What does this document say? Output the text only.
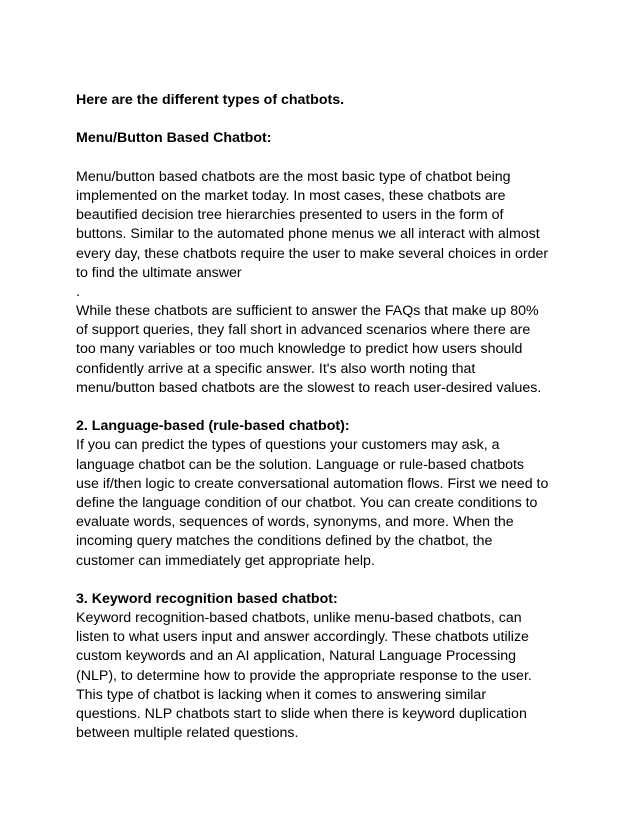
Here are the different types of chatbots.
Menu/Button Based Chatbot:
Menu/button based chatbots are the most basic type of chatbot being
implemented on the market today. In most cases, these chatbots are
beautified decision tree hierarchies presented to users in the form of
buttons. Similar to the automated phone menus we all interact with almost
every day, these chatbots require the user to make several choices in order
to find the ultimate answer
.
While these chatbots are sufficient to answer the FAQs that make up 80%
of support queries, they fall short in advanced scenarios where there are
too many variables or too much knowledge to predict how users should
confidently arrive at a specific answer. It's also worth noting that
menu/button based chatbots are the slowest to reach user-desired values.
2. Language-based (rule-based chatbot):
If you can predict the types of questions your customers may ask, a
language chatbot can be the solution. Language or rule-based chatbots
use if/then logic to create conversational automation flows. First we need to
define the language condition of our chatbot. You can create conditions to
evaluate words, sequences of words, synonyms, and more. When the
incoming query matches the conditions defined by the chatbot, the
customer can immediately get appropriate help.
3. Keyword recognition based chatbot:
Keyword recognition-based chatbots, unlike menu-based chatbots, can
listen to what users input and answer accordingly. These chatbots utilize
custom keywords and an AI application, Natural Language Processing
(NLP), to determine how to provide the appropriate response to the user.
This type of chatbot is lacking when it comes to answering similar
questions. NLP chatbots start to slide when there is keyword duplication
between multiple related questions.
